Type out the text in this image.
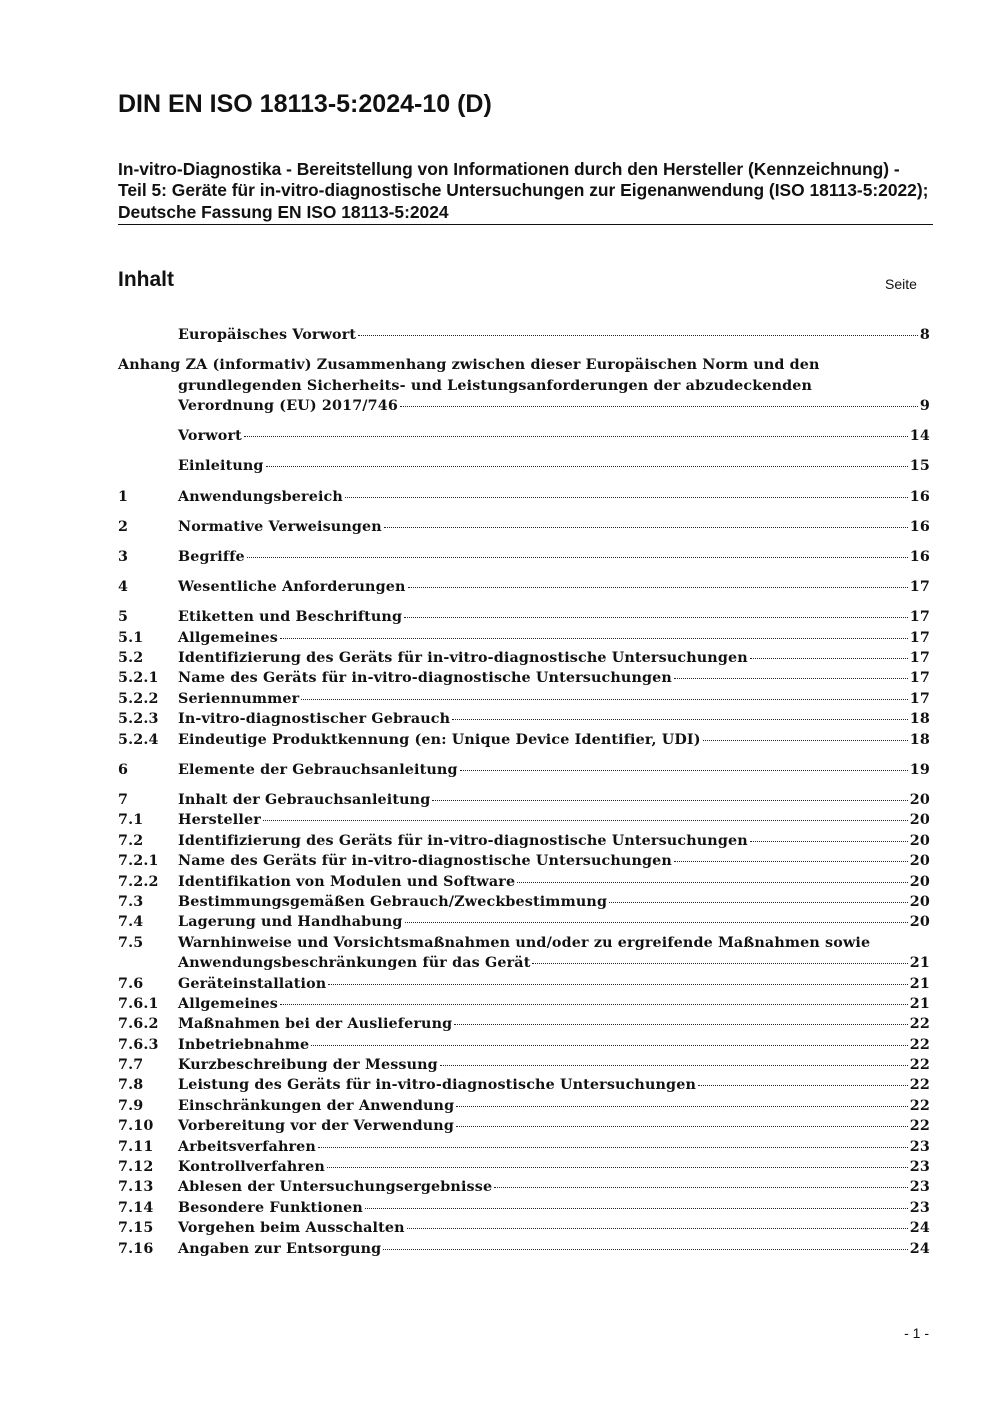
DIN EN ISO 18113-5:2024-10 (D)
In-vitro-Diagnostika - Bereitstellung von Informationen durch den Hersteller (Kennzeichnung) - Teil 5: Geräte für in-vitro-diagnostische Untersuchungen zur Eigenanwendung (ISO 18113-5:2022); Deutsche Fassung EN ISO 18113-5:2024
Inhalt	Seite
Europäisches Vorwort	8
Anhang ZA (informativ) Zusammenhang zwischen dieser Europäischen Norm und den
grundlegenden Sicherheits- und Leistungsanforderungen der abzudeckenden
Verordnung (EU) 2017/746	9
Vorwort	14
Einleitung	15
1	Anwendungsbereich	16
2	Normative Verweisungen	16
3	Begriffe	16
4	Wesentliche Anforderungen	17
5	Etiketten und Beschriftung	17
5.1	Allgemeines	17
5.2	Identifizierung des Geräts für in-vitro-diagnostische Untersuchungen	17
5.2.1	Name des Geräts für in-vitro-diagnostische Untersuchungen	17
5.2.2	Seriennummer	17
5.2.3	In-vitro-diagnostischer Gebrauch	18
5.2.4	Eindeutige Produktkennung (en: Unique Device Identifier, UDI)	18
6	Elemente der Gebrauchsanleitung	19
7	Inhalt der Gebrauchsanleitung	20
7.1	Hersteller	20
7.2	Identifizierung des Geräts für in-vitro-diagnostische Untersuchungen	20
7.2.1	Name des Geräts für in-vitro-diagnostische Untersuchungen	20
7.2.2	Identifikation von Modulen und Software	20
7.3	Bestimmungsgemäßen Gebrauch/Zweckbestimmung	20
7.4	Lagerung und Handhabung	20
7.5	Warnhinweise und Vorsichtsmaßnahmen und/oder zu ergreifende Maßnahmen sowie
Anwendungsbeschränkungen für das Gerät	21
7.6	Geräteinstallation	21
7.6.1	Allgemeines	21
7.6.2	Maßnahmen bei der Auslieferung	22
7.6.3	Inbetriebnahme	22
7.7	Kurzbeschreibung der Messung	22
7.8	Leistung des Geräts für in-vitro-diagnostische Untersuchungen	22
7.9	Einschränkungen der Anwendung	22
7.10	Vorbereitung vor der Verwendung	22
7.11	Arbeitsverfahren	23
7.12	Kontrollverfahren	23
7.13	Ablesen der Untersuchungsergebnisse	23
7.14	Besondere Funktionen	23
7.15	Vorgehen beim Ausschalten	24
7.16	Angaben zur Entsorgung	24
- 1 -
